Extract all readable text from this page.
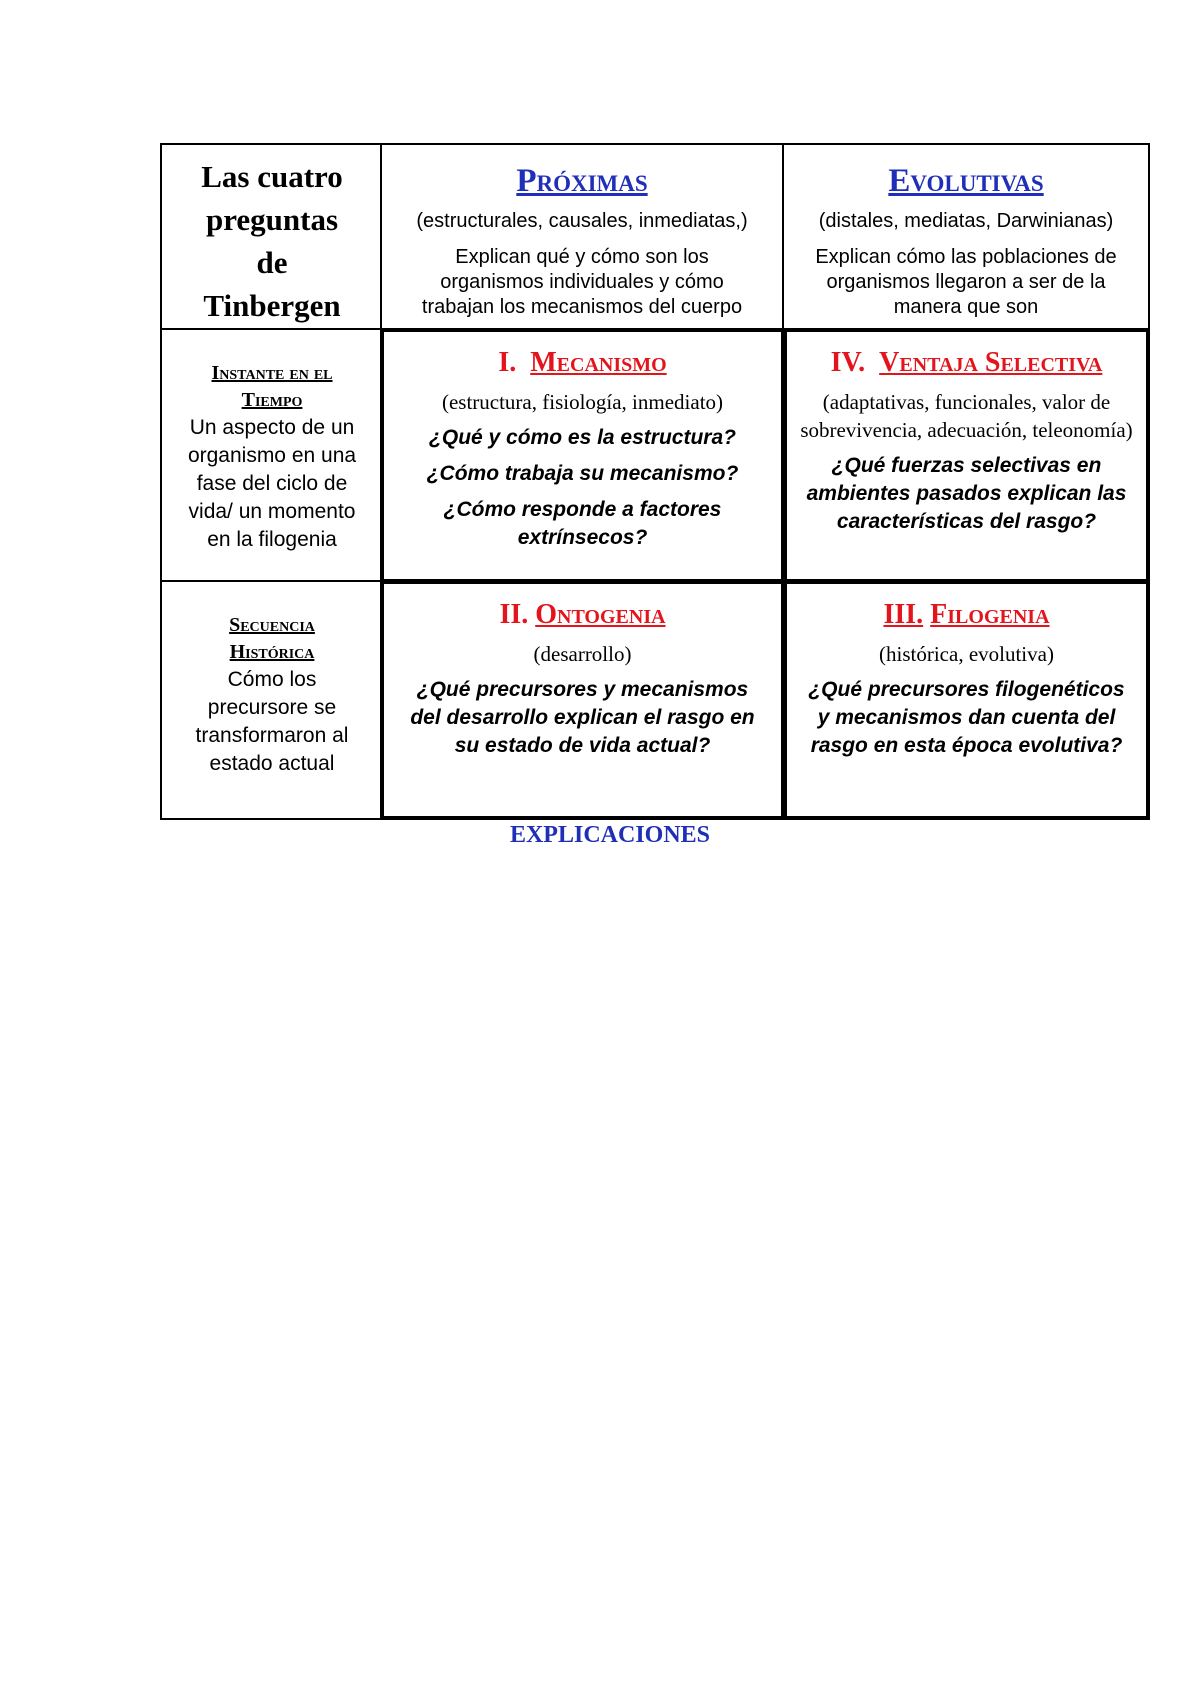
Las cuatro
preguntas
de
Tinbergen
Próximas
(estructurales, causales, inmediatas,)
Explican qué y cómo son los
organismos individuales y cómo
trabajan los mecanismos del cuerpo
Evolutivas
(distales, mediatas, Darwinianas)
Explican cómo las poblaciones de
organismos llegaron a ser de la
manera que son
Instante en el
Tiempo
Un aspecto de un
organismo en una
fase del ciclo de
vida/ un momento
en la filogenia
Secuencia
Histórica
Cómo los
precursore se
transformaron al
estado actual
I. Mecanismo
(estructura, fisiología, inmediato)
¿Qué y cómo es la estructura?
¿Cómo trabaja su mecanismo?
¿Cómo responde a factores extrínsecos?
IV. Ventaja Selectiva
(adaptativas, funcionales, valor de sobrevivencia, adecuación, teleonomía)
¿Qué fuerzas selectivas en ambientes pasados explican las características del rasgo?
II. Ontogenia
(desarrollo)
¿Qué precursores y mecanismos del desarrollo explican el rasgo en su estado de vida actual?
III. Filogenia
(histórica, evolutiva)
¿Qué precursores filogenéticos y mecanismos dan cuenta del rasgo en esta época evolutiva?
EXPLICACIONES
